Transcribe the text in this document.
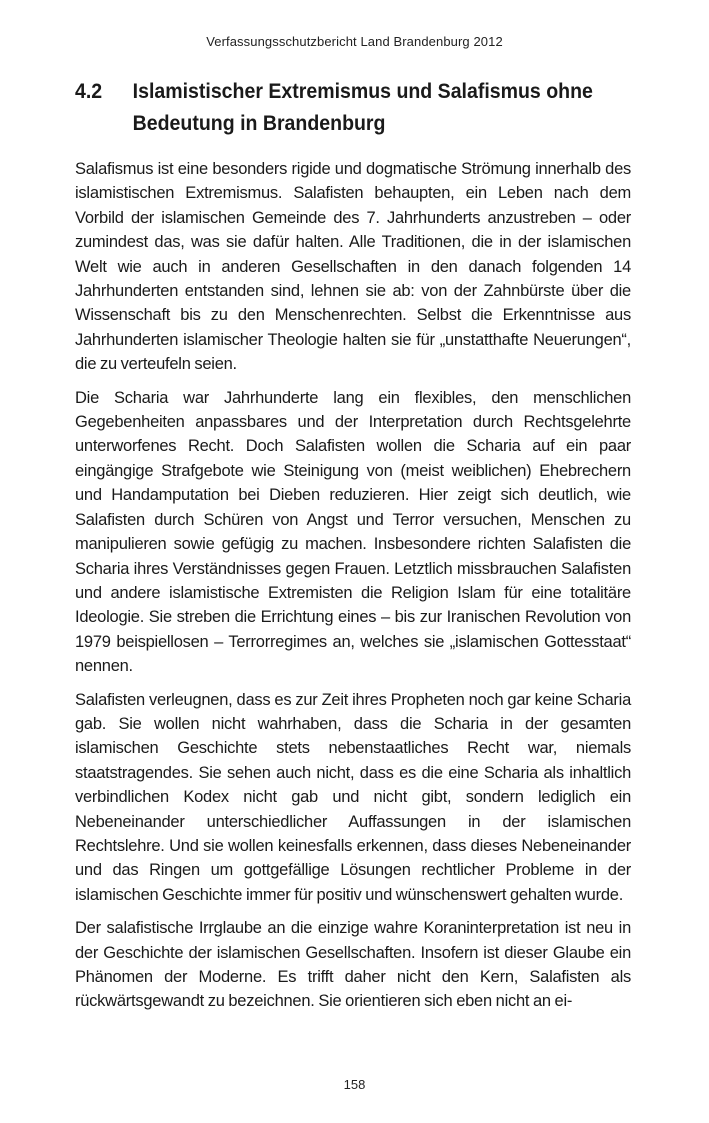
Verfassungsschutzbericht Land Brandenburg 2012
4.2	Islamistischer Extremismus und Salafismus ohne Bedeutung in Brandenburg

Salafismus ist eine besonders rigide und dogmatische Strömung innerhalb des islamistischen Extremismus. Salafisten behaupten, ein Leben nach dem Vorbild der islamischen Gemeinde des 7. Jahrhunderts anzustreben – oder zumindest das, was sie dafür halten. Alle Traditionen, die in der islamischen Welt wie auch in anderen Gesellschaften in den danach folgenden 14 Jahrhunderten entstanden sind, lehnen sie ab: von der Zahnbürste über die Wissenschaft bis zu den Menschenrechten. Selbst die Erkenntnisse aus Jahrhunderten islamischer Theologie halten sie für „unstatthafte Neuerungen“, die zu verteufeln seien.

Die Scharia war Jahrhunderte lang ein flexibles, den menschlichen Gegebenheiten anpassbares und der Interpretation durch Rechtsgelehrte unterworfenes Recht. Doch Salafisten wollen die Scharia auf ein paar eingängige Strafgebote wie Steinigung von (meist weiblichen) Ehebrechern und Handamputation bei Dieben reduzieren. Hier zeigt sich deutlich, wie Salafisten durch Schüren von Angst und Terror versuchen, Menschen zu manipulieren sowie gefügig zu machen. Insbesondere richten Salafisten die Scharia ihres Verständnisses gegen Frauen. Letztlich missbrauchen Salafisten und andere islamistische Extremisten die Religion Islam für eine totalitäre Ideologie. Sie streben die Errichtung eines – bis zur Iranischen Revolution von 1979 beispiellosen – Terrorregimes an, welches sie „islamischen Gottesstaat“ nennen.

Salafisten verleugnen, dass es zur Zeit ihres Propheten noch gar keine Scharia gab. Sie wollen nicht wahrhaben, dass die Scharia in der gesamten islamischen Geschichte stets nebenstaatliches Recht war, niemals staatstragendes. Sie sehen auch nicht, dass es die eine Scharia als inhaltlich verbindlichen Kodex nicht gab und nicht gibt, sondern lediglich ein Nebeneinander unterschiedlicher Auffassungen in der islamischen Rechtslehre. Und sie wollen keinesfalls erkennen, dass dieses Nebeneinander und das Ringen um gottgefällige Lösungen rechtlicher Probleme in der islamischen Geschichte immer für positiv und wünschenswert gehalten wurde.

Der salafistische Irrglaube an die einzige wahre Koraninterpretation ist neu in der Geschichte der islamischen Gesellschaften. Insofern ist dieser Glaube ein Phänomen der Moderne. Es trifft daher nicht den Kern, Salafisten als rückwärtsgewandt zu bezeichnen. Sie orientieren sich eben nicht an ei-

158
